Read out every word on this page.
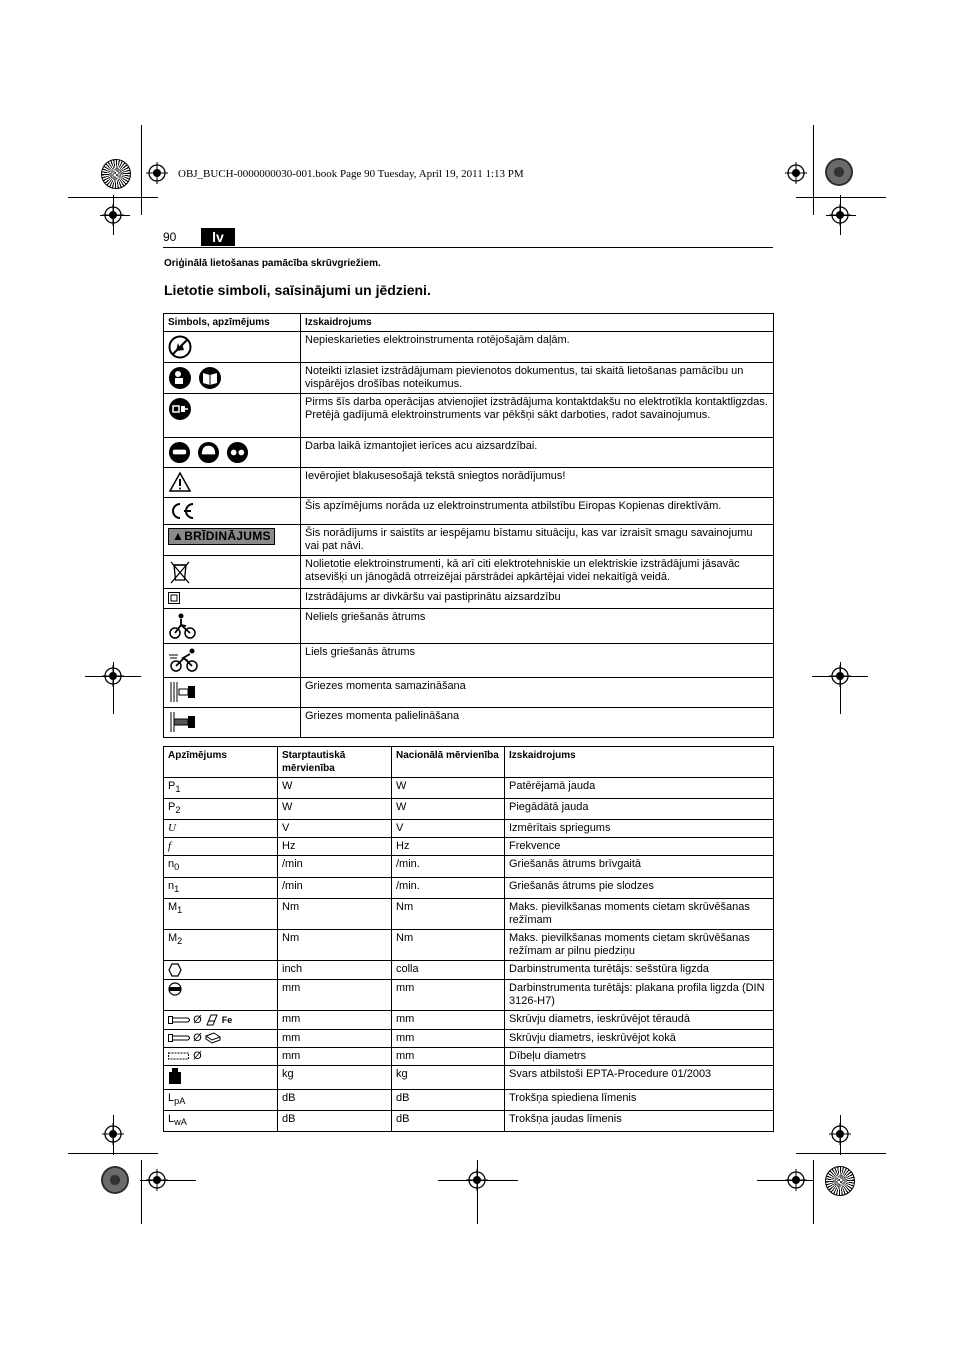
OBJ_BUCH-0000000030-001.book Page 90 Tuesday, April 19, 2011 1:13 PM
90	lv
Oriģinālā lietošanas pamācība skrūvgriežiem.
Lietotie simboli, saīsinājumi un jēdzieni.
Simbols, apzīmējums	Izskaidrojums
	Nepieskarieties elektroinstrumenta rotējošajām daļām.
	Noteikti izlasiet izstrādājumam pievienotos dokumentus, tai skaitā lietošanas pamācību un vispārējos drošības noteikumus.
	Pirms šīs darba operācijas atvienojiet izstrādājuma kontaktdakšu no elektrotīkla kontaktligzdas. Pretējā gadījumā elektroinstruments var pēkšņi sākt darboties, radot savainojumus.
	Darba laikā izmantojiet ierīces acu aizsardzībai.
	Ievērojiet blakusesošajā tekstā sniegtos norādījumus!
	Šis apzīmējums norāda uz elektroinstrumenta atbilstību Eiropas Kopienas direktīvām.
▲BRĪDINĀJUMS	Šis norādījums ir saistīts ar iespējamu bīstamu situāciju, kas var izraisīt smagu savainojumu vai pat nāvi.
	Nolietotie elektroinstrumenti, kā arī citi elektrotehniskie un elektriskie izstrādājumi jāsavāc atsevišķi un jānogādā otrreizējai pārstrādei apkārtējai videi nekaitīgā veidā.
	Izstrādājums ar divkāršu vai pastiprinātu aizsardzību
	Neliels griešanās ātrums
	Liels griešanās ātrums
	Griezes momenta samazināšana
	Griezes momenta palielināšana
Apzīmējums	Starptautiskā mērvienība	Nacionālā mērvienība	Izskaidrojums
$P_1$	W	W	Patērējamā jauda
$P_2$	W	W	Piegādātā jauda
U	V	V	Izmērītais spriegums
f	Hz	Hz	Frekvence
$n_0$	/min	/min.	Griešanās ātrums brīvgaitā
$n_1$	/min	/min.	Griešanās ātrums pie slodzes
$M_1$	Nm	Nm	Maks. pievilkšanas moments cietam skrūvēšanas režīmam
$M_2$	Nm	Nm	Maks. pievilkšanas moments cietam skrūvēšanas režīmam ar pilnu piedziņu
	inch	colla	Darbinstrumenta turētājs: sešstūra ligzda
	mm	mm	Darbinstrumenta turētājs: plakana profila ligzda (DIN 3126-H7)
Ø Fe	mm	mm	Skrūvju diametrs, ieskrūvējot tēraudā
Ø	mm	mm	Skrūvju diametrs, ieskrūvējot kokā
Ø	mm	mm	Dībeļu diametrs
	kg	kg	Svars atbilstoši EPTA-Procedure 01/2003
$L_{pA}$	dB	dB	Trokšņa spiediena līmenis
$L_{wA}$	dB	dB	Trokšņa jaudas līmenis
